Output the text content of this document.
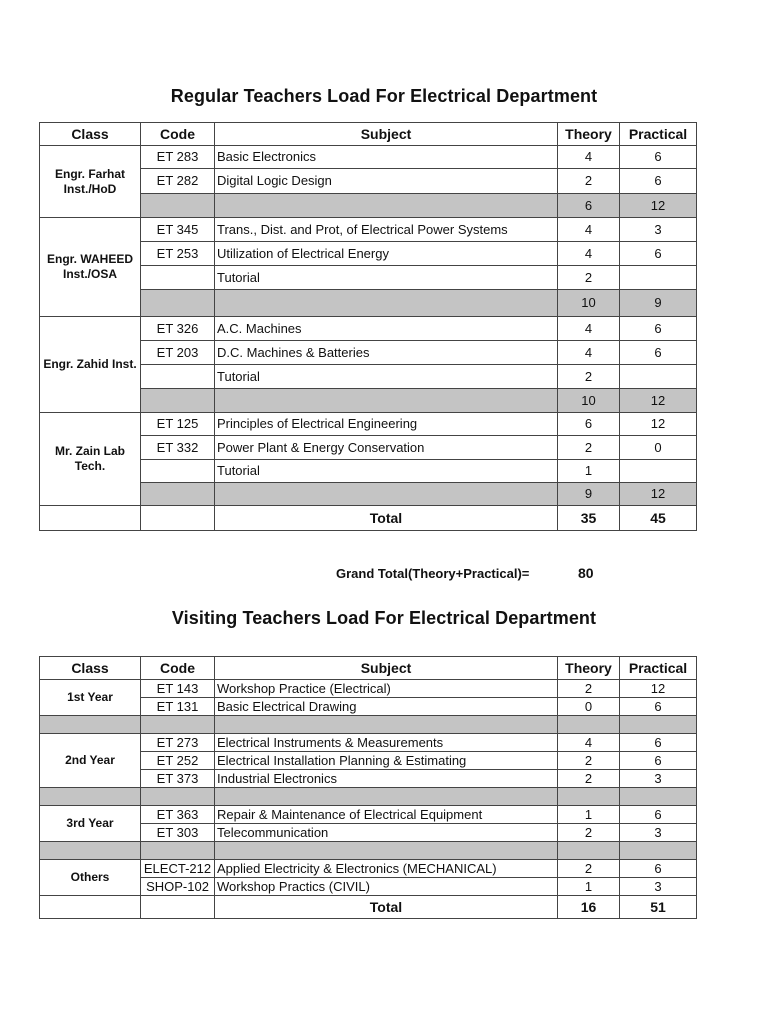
Regular Teachers Load For Electrical Department
Class	Code	Subject	Theory	Practical
Engr. Farhat Inst./HoD	ET 283	Basic Electronics	4	6
	ET 282	Digital Logic Design	2	6
			6	12
Engr. WAHEED Inst./OSA	ET 345	Trans., Dist. and Prot, of Electrical Power Systems	4	3
	ET 253	Utilization of Electrical Energy	4	6
		Tutorial	2	
			10	9
Engr. Zahid Inst.	ET 326	A.C. Machines	4	6
	ET 203	D.C. Machines & Batteries	4	6
		Tutorial	2	
			10	12
Mr. Zain Lab Tech.	ET 125	Principles of Electrical Engineering	6	12
	ET 332	Power Plant & Energy Conservation	2	0
		Tutorial	1	
			9	12
		Total	35	45
Grand Total(Theory+Practical)=	80
Visiting Teachers Load For Electrical Department
Class	Code	Subject	Theory	Practical
1st Year	ET 143	Workshop Practice (Electrical)	2	12
	ET 131	Basic Electrical Drawing	0	6

2nd Year	ET 273	Electrical Instruments & Measurements	4	6
	ET 252	Electrical Installation Planning & Estimating	2	6
	ET 373	Industrial Electronics	2	3

3rd Year	ET 363	Repair & Maintenance of Electrical Equipment	1	6
	ET 303	Telecommunication	2	3

Others	ELECT-212	Applied Electricity & Electronics (MECHANICAL)	2	6
	SHOP-102	Workshop Practics (CIVIL)	1	3
		Total	16	51
